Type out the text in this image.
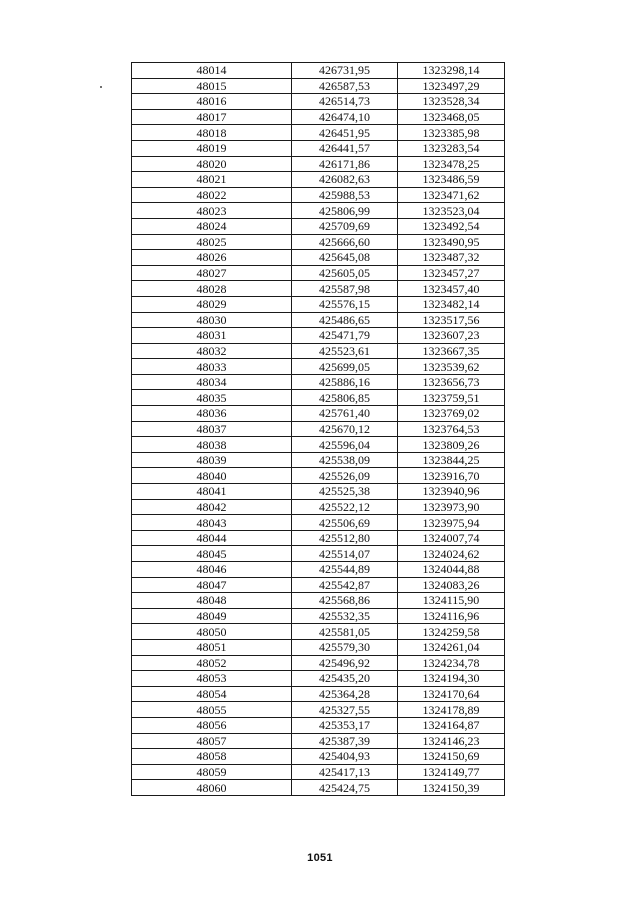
48014	426731,95	1323298,14
48015	426587,53	1323497,29
48016	426514,73	1323528,34
48017	426474,10	1323468,05
48018	426451,95	1323385,98
48019	426441,57	1323283,54
48020	426171,86	1323478,25
48021	426082,63	1323486,59
48022	425988,53	1323471,62
48023	425806,99	1323523,04
48024	425709,69	1323492,54
48025	425666,60	1323490,95
48026	425645,08	1323487,32
48027	425605,05	1323457,27
48028	425587,98	1323457,40
48029	425576,15	1323482,14
48030	425486,65	1323517,56
48031	425471,79	1323607,23
48032	425523,61	1323667,35
48033	425699,05	1323539,62
48034	425886,16	1323656,73
48035	425806,85	1323759,51
48036	425761,40	1323769,02
48037	425670,12	1323764,53
48038	425596,04	1323809,26
48039	425538,09	1323844,25
48040	425526,09	1323916,70
48041	425525,38	1323940,96
48042	425522,12	1323973,90
48043	425506,69	1323975,94
48044	425512,80	1324007,74
48045	425514,07	1324024,62
48046	425544,89	1324044,88
48047	425542,87	1324083,26
48048	425568,86	1324115,90
48049	425532,35	1324116,96
48050	425581,05	1324259,58
48051	425579,30	1324261,04
48052	425496,92	1324234,78
48053	425435,20	1324194,30
48054	425364,28	1324170,64
48055	425327,55	1324178,89
48056	425353,17	1324164,87
48057	425387,39	1324146,23
48058	425404,93	1324150,69
48059	425417,13	1324149,77
48060	425424,75	1324150,39
1051
